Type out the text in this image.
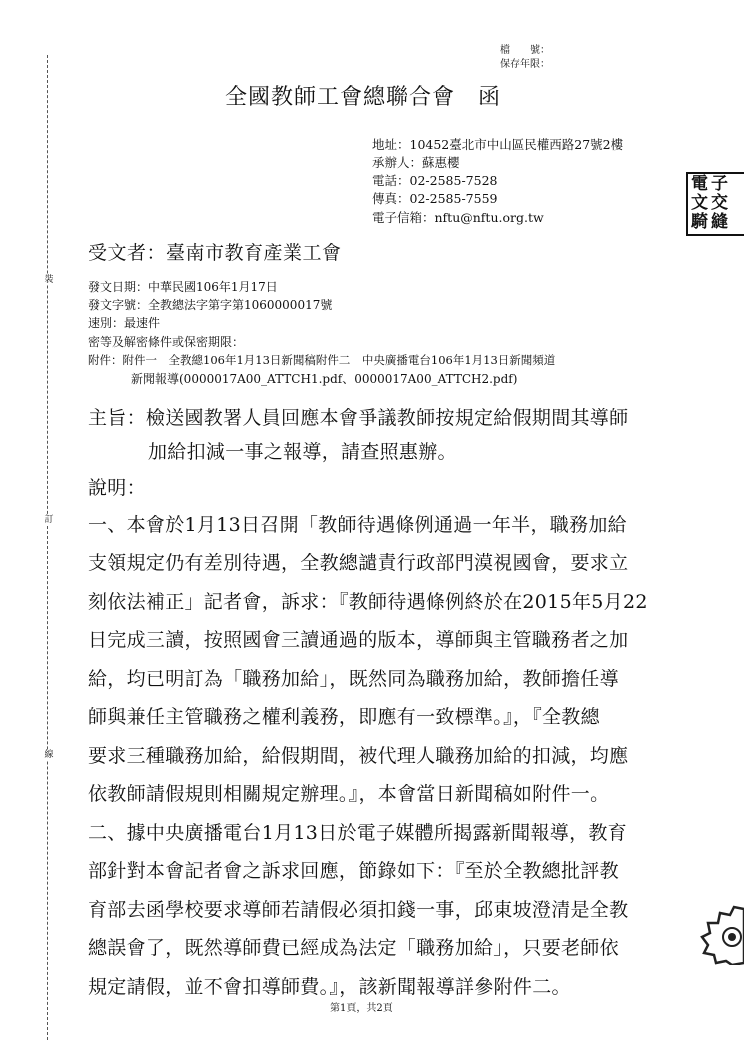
檔　　號：
保存年限：
裝
訂
線
全國教師工會總聯合會　函
地址：10452臺北市中山區民權西路27號2樓
承辦人：蘇惠櫻
電話：02-2585-7528
傳真：02-2585-7559
電子信箱：nftu@nftu.org.tw
電 子
文 交
騎 縫
受文者：臺南市教育產業工會
發文日期：中華民國106年1月17日
發文字號：全教總法字第字第1060000017號
速別：最速件
密等及解密條件或保密期限：
附件：附件一　全教總106年1月13日新聞稿附件二　中央廣播電台106年1月13日新聞頻道
新聞報導(0000017A00_ATTCH1.pdf、0000017A00_ATTCH2.pdf)
主旨：檢送國教署人員回應本會爭議教師按規定給假期間其導師
加給扣減一事之報導，請查照惠辦。
說明：
一、本會於1月13日召開「教師待遇條例通過一年半，職務加給
支領規定仍有差別待遇，全教總譴責行政部門漠視國會，要求立
刻依法補正」記者會，訴求：『教師待遇條例終於在2015年5月22
日完成三讀，按照國會三讀通過的版本，導師與主管職務者之加
給，均已明訂為「職務加給」，既然同為職務加給，教師擔任導
師與兼任主管職務之權利義務，即應有一致標準。』，『全教總
要求三種職務加給，給假期間，被代理人職務加給的扣減，均應
依教師請假規則相關規定辦理。』，本會當日新聞稿如附件一。
二、據中央廣播電台1月13日於電子媒體所揭露新聞報導，教育
部針對本會記者會之訴求回應，節錄如下：『至於全教總批評教
育部去函學校要求導師若請假必須扣錢一事，邱東坡澄清是全教
總誤會了，既然導師費已經成為法定「職務加給」，只要老師依
規定請假，並不會扣導師費。』，該新聞報導詳參附件二。
第1頁，共2頁
